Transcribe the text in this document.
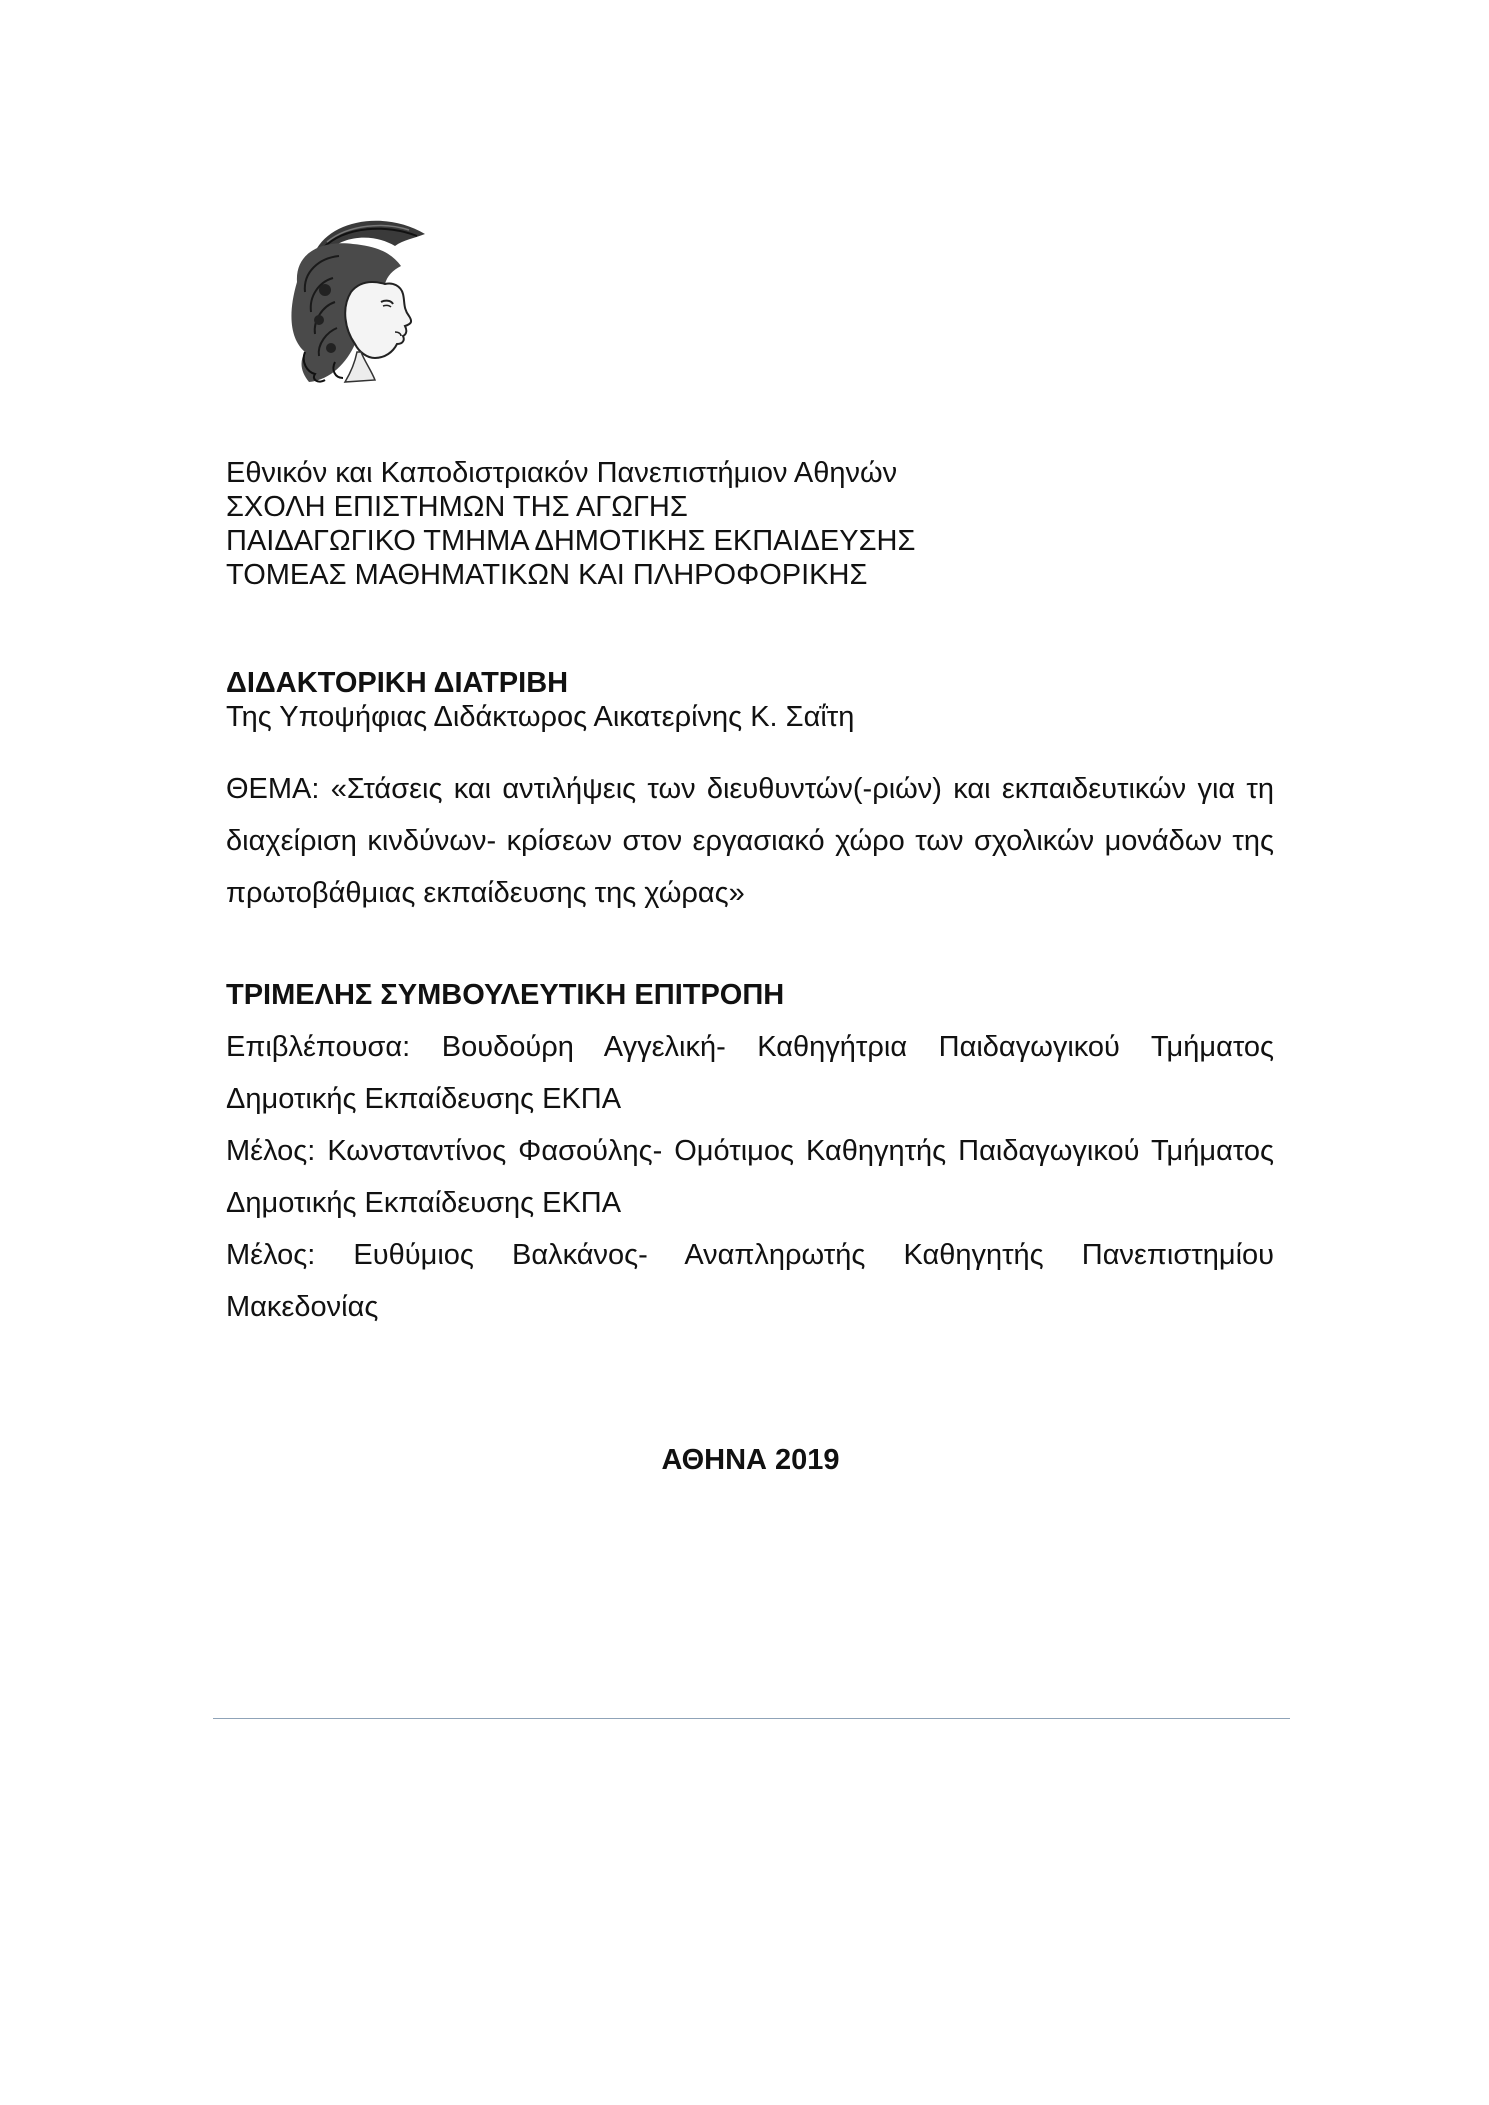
Εθνικόν και Καποδιστριακόν Πανεπιστήμιον Αθηνών
ΣΧΟΛΗ ΕΠΙΣΤΗΜΩΝ ΤΗΣ ΑΓΩΓΗΣ
ΠΑΙΔΑΓΩΓΙΚΟ ΤΜΗΜΑ ΔΗΜΟΤΙΚΗΣ ΕΚΠΑΙΔΕΥΣΗΣ
ΤΟΜΕΑΣ ΜΑΘΗΜΑΤΙΚΩΝ ΚΑΙ ΠΛΗΡΟΦΟΡΙΚΗΣ
ΔΙΔΑΚΤΟΡΙΚΗ ΔΙΑΤΡΙΒΗ
Της Υποψήφιας Διδάκτωρος Αικατερίνης Κ. Σαΐτη
ΘΕΜΑ: «Στάσεις και αντιλήψεις των διευθυντών(-ριών) και εκπαιδευτικών για τη διαχείριση κινδύνων- κρίσεων στον εργασιακό χώρο των σχολικών μονάδων της πρωτοβάθμιας εκπαίδευσης της χώρας»
ΤΡΙΜΕΛΗΣ ΣΥΜΒΟΥΛΕΥΤΙΚΗ ΕΠΙΤΡΟΠΗ

Επιβλέπουσα: Βουδούρη Αγγελική- Καθηγήτρια Παιδαγωγικού Τμήματος Δημοτικής Εκπαίδευσης ΕΚΠΑ

Μέλος: Κωνσταντίνος Φασούλης- Ομότιμος Καθηγητής Παιδαγωγικού Τμήματος Δημοτικής Εκπαίδευσης ΕΚΠΑ

Μέλος: Ευθύμιος Βαλκάνος- Αναπληρωτής Καθηγητής Πανεπιστημίου Μακεδονίας

ΑΘΗΝΑ 2019
